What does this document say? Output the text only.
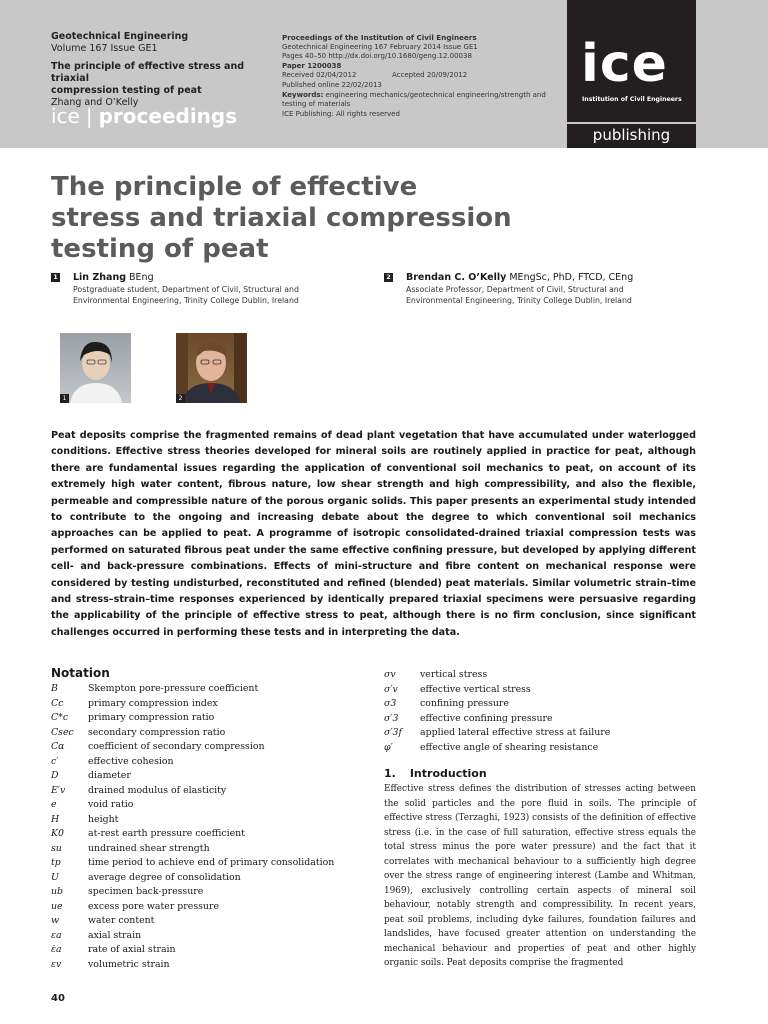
Geotechnical Engineering
Volume 167 Issue GE1
The principle of effective stress and triaxial
compression testing of peat
Zhang and O’Kelly
ice | proceedings
Proceedings of the Institution of Civil Engineers
Geotechnical Engineering 167 February 2014 Issue GE1
Pages 40–50 http://dx.doi.org/10.1680/geng.12.00038
Paper 1200038
Received 02/04/2012	Accepted 20/09/2012
Published online 22/02/2013
Keywords: engineering mechanics/geotechnical engineering/strength and
testing of materials
ICE Publishing: All rights reserved
ice
Institution of Civil Engineers
publishing
The principle of effective
stress and triaxial compression
testing of peat
1 Lin Zhang BEng
Postgraduate student, Department of Civil, Structural and
Environmental Engineering, Trinity College Dublin, Ireland
2 Brendan C. O’Kelly MEngSc, PhD, FTCD, CEng
Associate Professor, Department of Civil, Structural and
Environmental Engineering, Trinity College Dublin, Ireland
1	2
Peat deposits comprise the fragmented remains of dead plant vegetation that have accumulated under waterlogged conditions. Effective stress theories developed for mineral soils are routinely applied in practice for peat, although there are fundamental issues regarding the application of conventional soil mechanics to peat, on account of its extremely high water content, fibrous nature, low shear strength and high compressibility, and also the flexible, permeable and compressible nature of the porous organic solids. This paper presents an experimental study intended to contribute to the ongoing and increasing debate about the degree to which conventional soil mechanics approaches can be applied to peat. A programme of isotropic consolidated-drained triaxial compression tests was performed on saturated fibrous peat under the same effective confining pressure, but developed by applying different cell- and back-pressure combinations. Effects of mini-structure and fibre content on mechanical response were considered by testing undisturbed, reconstituted and refined (blended) peat materials. Similar volumetric strain–time and stress–strain–time responses experienced by identically prepared triaxial specimens were persuasive regarding the applicability of the principle of effective stress to peat, although there is no firm conclusion, since significant challenges occurred in performing these tests and in interpreting the data.
Notation
B	Skempton pore-pressure coefficient
Cc	primary compression index
C*c primary compression ratio
Csec secondary compression ratio
Cα coefficient of secondary compression
c′	effective cohesion
D	diameter
E′v drained modulus of elasticity
e	void ratio
H	height
K0	at-rest earth pressure coefficient
su	undrained shear strength
tp	time period to achieve end of primary consolidation
U	average degree of consolidation
ub	specimen back-pressure
ue	excess pore water pressure
w	water content
εa	axial strain
ε̇a	rate of axial strain
εv	volumetric strain
σv	vertical stress
σ′v effective vertical stress
σ3	confining pressure
σ′3 effective confining pressure
σ′3f applied lateral effective stress at failure
φ′	effective angle of shearing resistance
1. Introduction
Effective stress defines the distribution of stresses acting between the solid particles and the pore fluid in soils. The principle of effective stress (Terzaghi, 1923) consists of the definition of effective stress (i.e. in the case of full saturation, effective stress equals the total stress minus the pore water pressure) and the fact that it correlates with mechanical behaviour to a sufficiently high degree over the stress range of engineering interest (Lambe and Whitman, 1969), exclusively controlling certain aspects of mineral soil behaviour, notably strength and compressibility. In recent years, peat soil problems, including dyke failures, foundation failures and landslides, have focused greater attention on understanding the mechanical behaviour and properties of peat and other highly organic soils. Peat deposits comprise the fragmented
40
